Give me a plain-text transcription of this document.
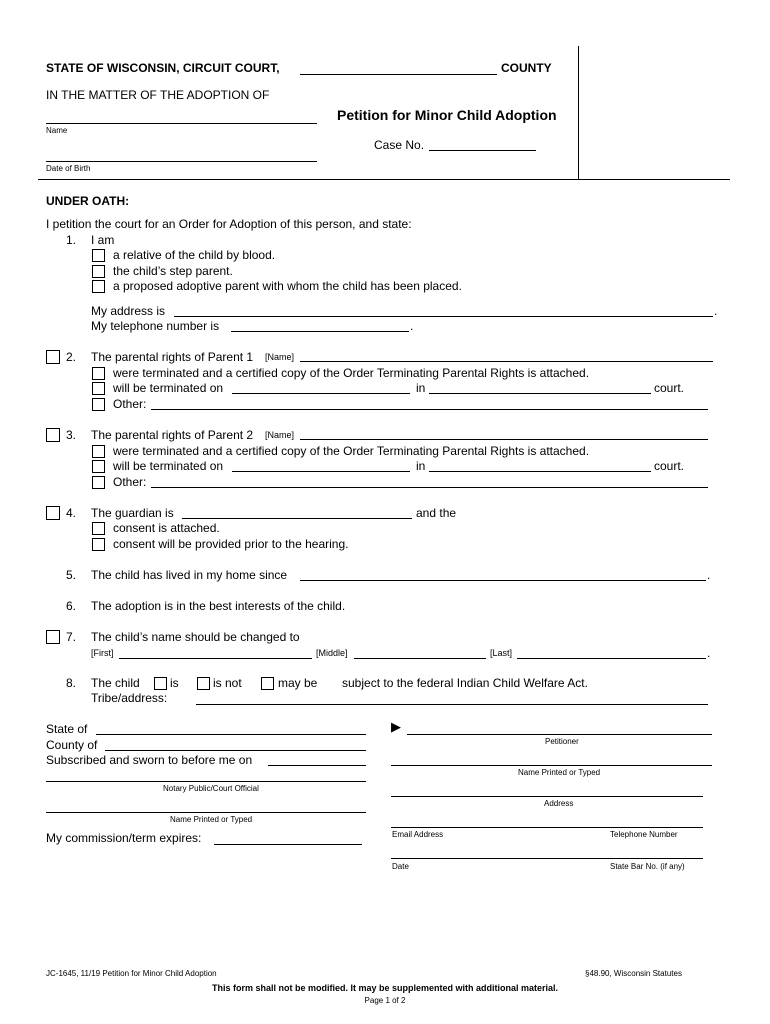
STATE OF WISCONSIN, CIRCUIT COURT,	COUNTY
IN THE MATTER OF THE ADOPTION OF
Petition for Minor Child Adoption
Name
Case No.
Date of Birth
UNDER OATH:
I petition the court for an Order for Adoption of this person, and state:
1. I am
a relative of the child by blood.
the child’s step parent.
a proposed adoptive parent with whom the child has been placed.
My address is	.
My telephone number is	.
2. The parental rights of Parent 1 [Name]
were terminated and a certified copy of the Order Terminating Parental Rights is attached.
will be terminated on	in	court.
Other:
3. The parental rights of Parent 2 [Name]
were terminated and a certified copy of the Order Terminating Parental Rights is attached.
will be terminated on	in	court.
Other:
4. The guardian is	and the
consent is attached.
consent will be provided prior to the hearing.
5. The child has lived in my home since	.
6. The adoption is in the best interests of the child.
7. The child’s name should be changed to
[First]	[Middle]	[Last]	.
8. The child	is	is not	may be subject to the federal Indian Child Welfare Act.
Tribe/address:
State of
County of
Subscribed and sworn to before me on
Notary Public/Court Official
Name Printed or Typed
My commission/term expires:
▶
Petitioner
Name Printed or Typed
Address
Email Address	Telephone Number
Date	State Bar No. (if any)
JC-1645, 11/19 Petition for Minor Child Adoption	§48.90, Wisconsin Statutes
This form shall not be modified. It may be supplemented with additional material.
Page 1 of 2
